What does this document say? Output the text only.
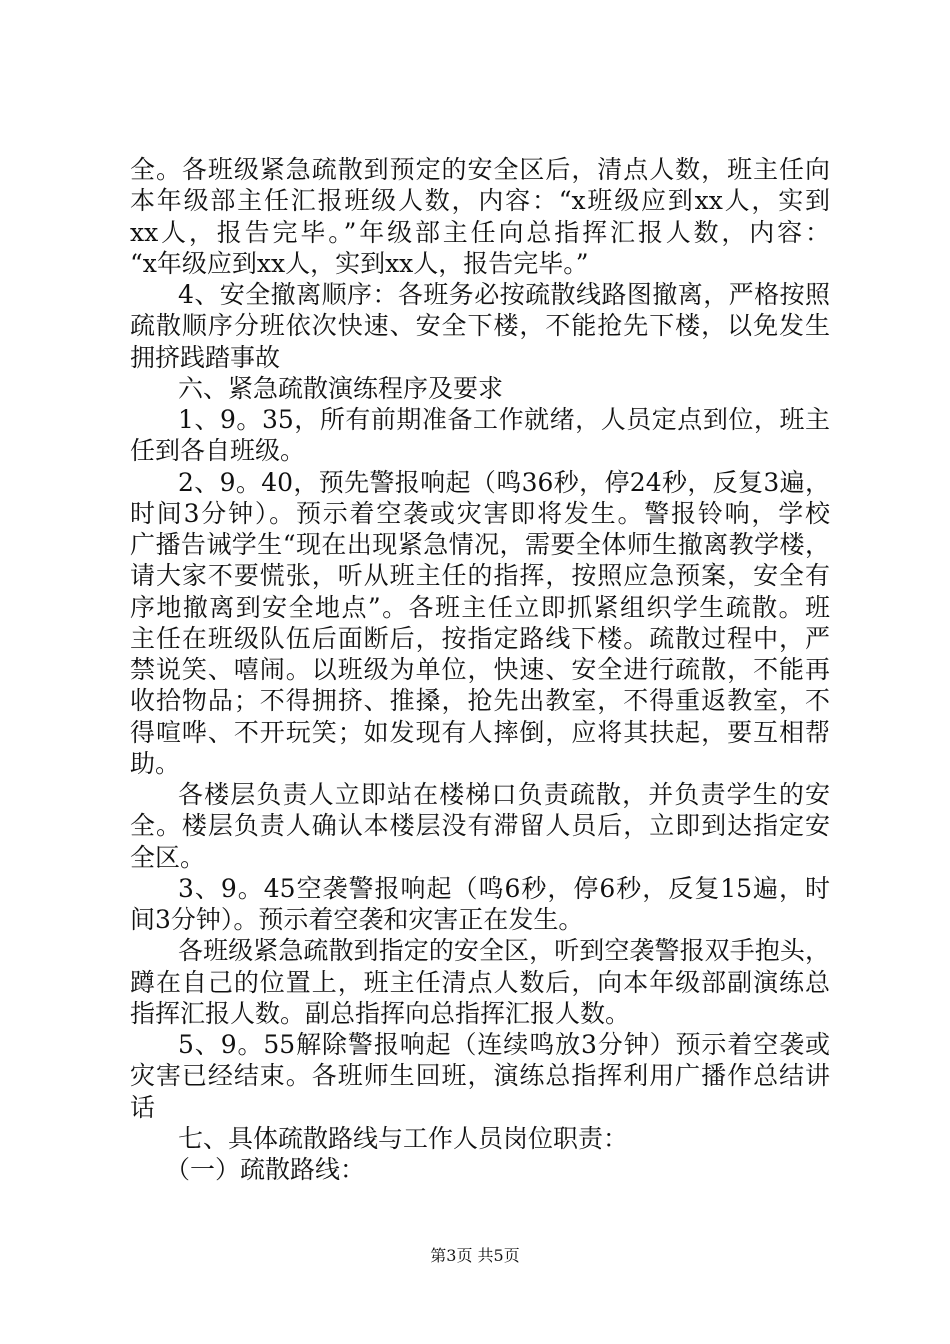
全。各班级紧急疏散到预定的安全区后，清点人数，班主任向
本年级部主任汇报班级人数，内容：“x班级应到xx人，实到
xx人，报告完毕。”年级部主任向总指挥汇报人数，内容：
“x年级应到xx人，实到xx人，报告完毕。”
4、安全撤离顺序：各班务必按疏散线路图撤离，严格按照
疏散顺序分班依次快速、安全下楼，不能抢先下楼，以免发生
拥挤践踏事故
六、紧急疏散演练程序及要求
1、9。35，所有前期准备工作就绪，人员定点到位，班主
任到各自班级。
2、9。40，预先警报响起（鸣36秒，停24秒，反复3遍，
时间3分钟）。预示着空袭或灾害即将发生。警报铃响，学校
广播告诫学生“现在出现紧急情况，需要全体师生撤离教学楼，
请大家不要慌张，听从班主任的指挥，按照应急预案，安全有
序地撤离到安全地点”。各班主任立即抓紧组织学生疏散。班
主任在班级队伍后面断后，按指定路线下楼。疏散过程中，严
禁说笑、嘻闹。以班级为单位，快速、安全进行疏散，不能再
收拾物品；不得拥挤、推搡，抢先出教室，不得重返教室，不
得喧哗、不开玩笑；如发现有人摔倒，应将其扶起，要互相帮
助。
各楼层负责人立即站在楼梯口负责疏散，并负责学生的安
全。楼层负责人确认本楼层没有滞留人员后，立即到达指定安
全区。
3、9。45空袭警报响起（鸣6秒，停6秒，反复15遍，时
间3分钟）。预示着空袭和灾害正在发生。
各班级紧急疏散到指定的安全区，听到空袭警报双手抱头，
蹲在自己的位置上，班主任清点人数后，向本年级部副演练总
指挥汇报人数。副总指挥向总指挥汇报人数。
5、9。55解除警报响起（连续鸣放3分钟）预示着空袭或
灾害已经结束。各班师生回班，演练总指挥利用广播作总结讲
话
七、具体疏散路线与工作人员岗位职责：
（一）疏散路线：
第3页 共5页
